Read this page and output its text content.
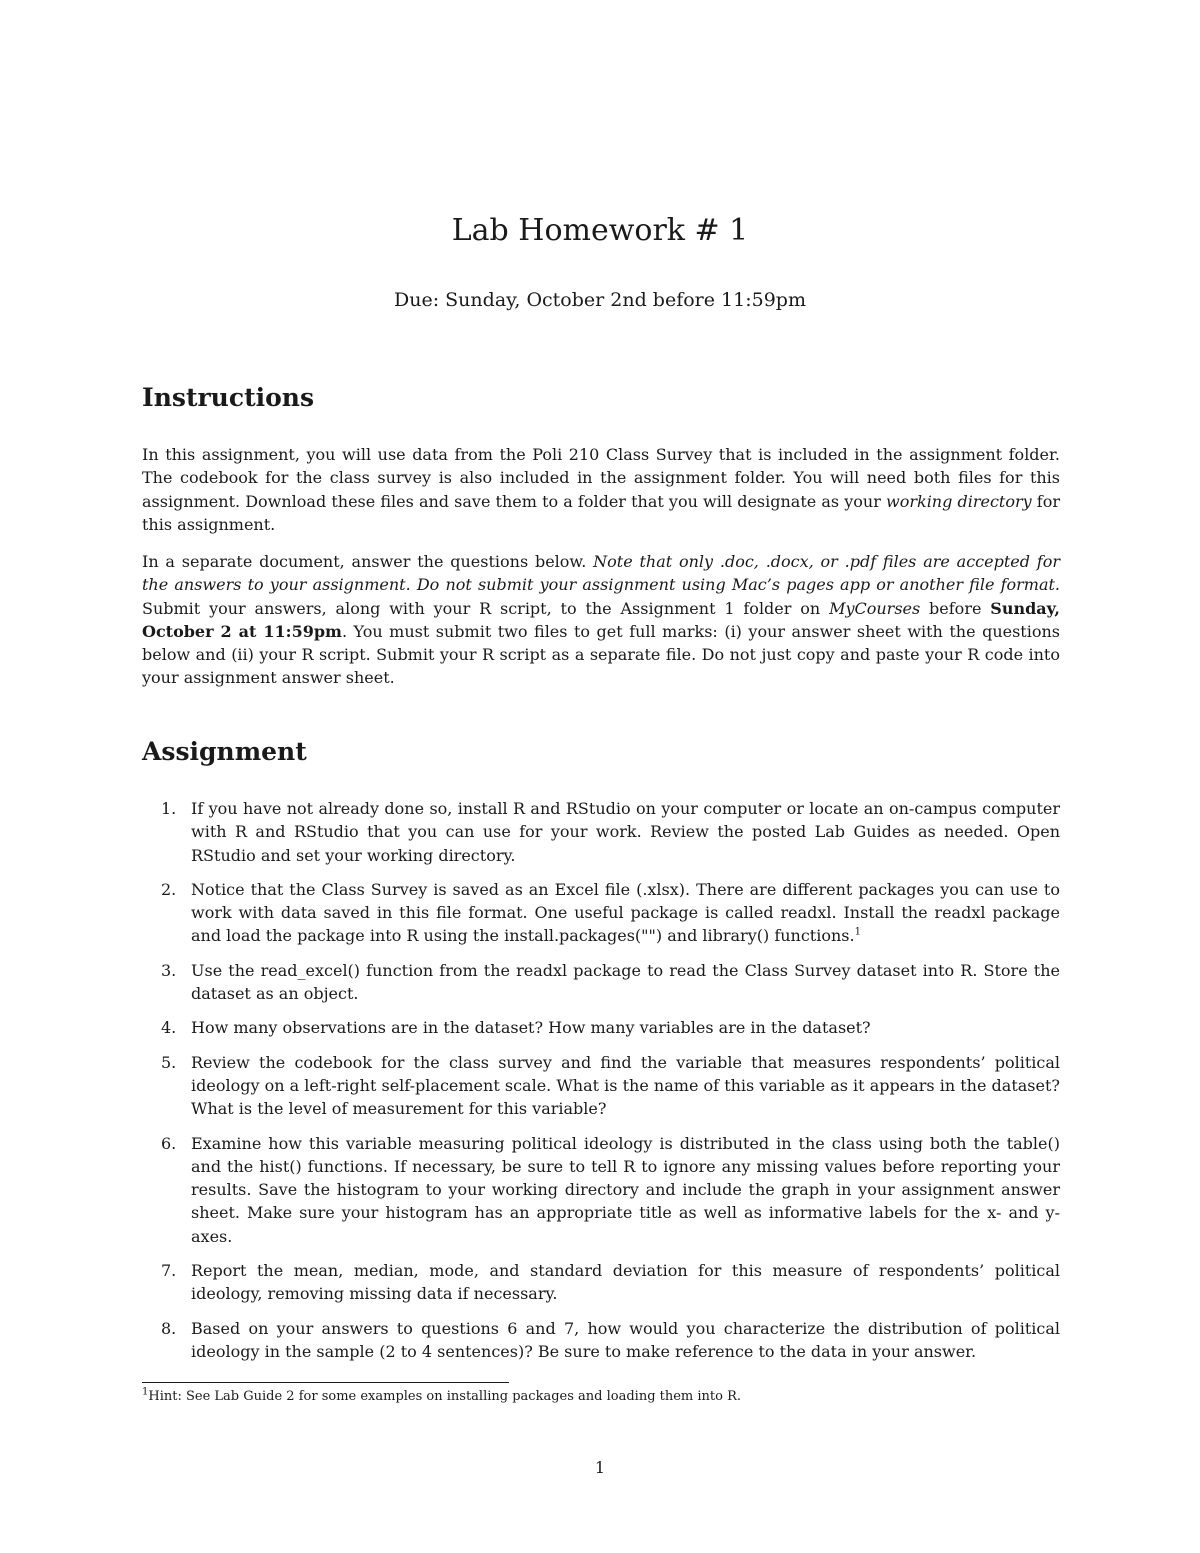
Lab Homework # 1

Due: Sunday, October 2nd before 11:59pm

Instructions

In this assignment, you will use data from the Poli 210 Class Survey that is included in the assignment folder. The codebook for the class survey is also included in the assignment folder. You will need both files for this assignment. Download these files and save them to a folder that you will designate as your working directory for this assignment.

In a separate document, answer the questions below. Note that only .doc, .docx, or .pdf files are accepted for the answers to your assignment. Do not submit your assignment using Mac’s pages app or another file format. Submit your answers, along with your R script, to the Assignment 1 folder on MyCourses before Sunday, October 2 at 11:59pm. You must submit two files to get full marks: (i) your answer sheet with the questions below and (ii) your R script. Submit your R script as a separate file. Do not just copy and paste your R code into your assignment answer sheet.

Assignment
1. If you have not already done so, install R and RStudio on your computer or locate an on-campus computer with R and RStudio that you can use for your work. Review the posted Lab Guides as needed. Open RStudio and set your working directory.
2. Notice that the Class Survey is saved as an Excel file (.xlsx). There are different packages you can use to work with data saved in this file format. One useful package is called readxl. Install the readxl package and load the package into R using the install.packages("") and library() functions.$^1$
3. Use the read_excel() function from the readxl package to read the Class Survey dataset into R. Store the dataset as an object.
4. How many observations are in the dataset? How many variables are in the dataset?
5. Review the codebook for the class survey and find the variable that measures respondents’ political ideology on a left-right self-placement scale. What is the name of this variable as it appears in the dataset? What is the level of measurement for this variable?
6. Examine how this variable measuring political ideology is distributed in the class using both the table() and the hist() functions. If necessary, be sure to tell R to ignore any missing values before reporting your results. Save the histogram to your working directory and include the graph in your assignment answer sheet. Make sure your histogram has an appropriate title as well as informative labels for the x- and y-axes.
7. Report the mean, median, mode, and standard deviation for this measure of respondents’ political ideology, removing missing data if necessary.
8. Based on your answers to questions 6 and 7, how would you characterize the distribution of political ideology in the sample (2 to 4 sentences)? Be sure to make reference to the data in your answer.

$^1$Hint: See Lab Guide 2 for some examples on installing packages and loading them into R.

1
